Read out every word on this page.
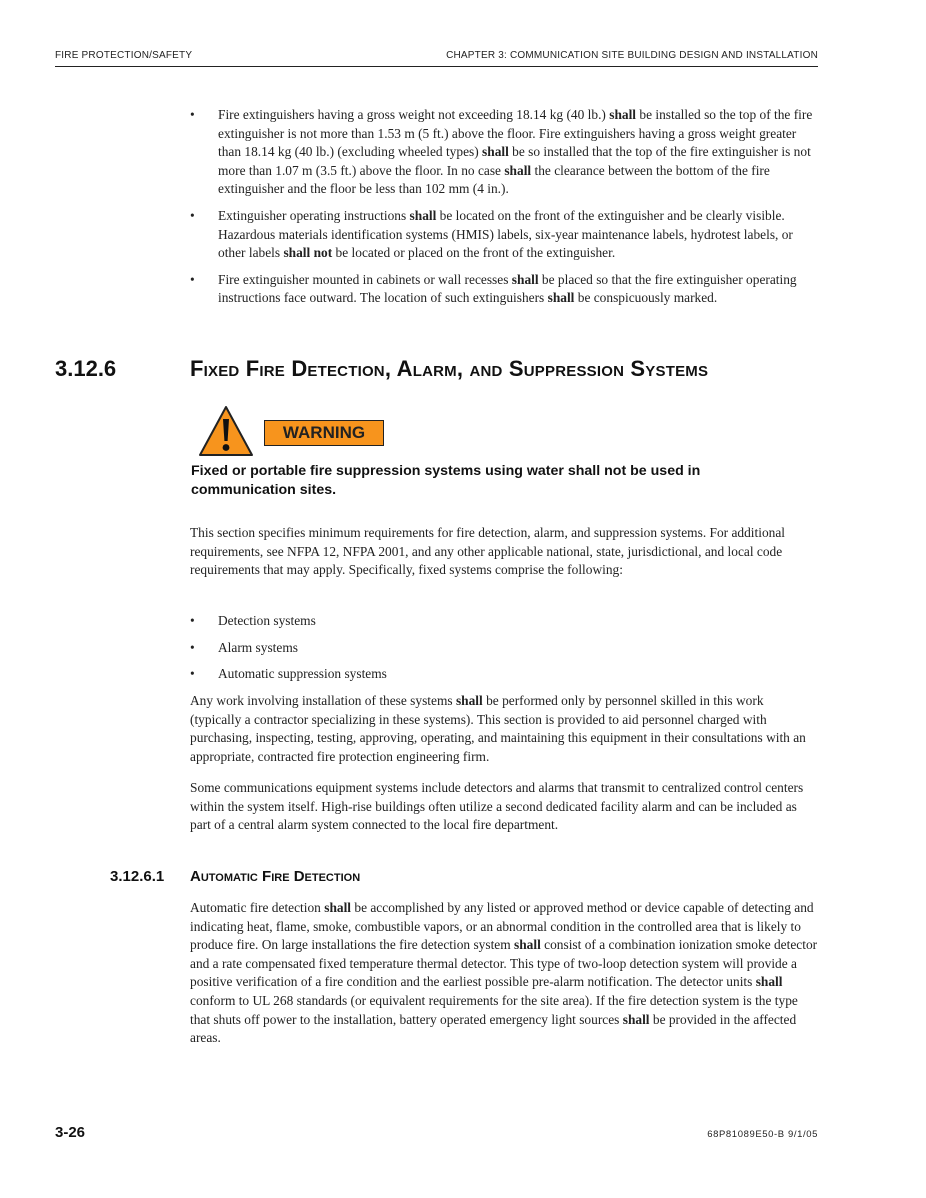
FIRE PROTECTION/SAFETY	CHAPTER 3: COMMUNICATION SITE BUILDING DESIGN AND INSTALLATION
• Fire extinguishers having a gross weight not exceeding 18.14 kg (40 lb.) shall be installed so the top of the fire extinguisher is not more than 1.53 m (5 ft.) above the floor. Fire extinguishers having a gross weight greater than 18.14 kg (40 lb.) (excluding wheeled types) shall be so installed that the top of the fire extinguisher is not more than 1.07 m (3.5 ft.) above the floor. In no case shall the clearance between the bottom of the fire extinguisher and the floor be less than 102 mm (4 in.).
• Extinguisher operating instructions shall be located on the front of the extinguisher and be clearly visible. Hazardous materials identification systems (HMIS) labels, six-year maintenance labels, hydrotest labels, or other labels shall not be located or placed on the front of the extinguisher.
• Fire extinguisher mounted in cabinets or wall recesses shall be placed so that the fire extinguisher operating instructions face outward. The location of such extinguishers shall be conspicuously marked.
3.12.6	Fixed Fire Detection, Alarm, and Suppression Systems
WARNING
Fixed or portable fire suppression systems using water shall not be used in communication sites.

This section specifies minimum requirements for fire detection, alarm, and suppression systems. For additional requirements, see NFPA 12, NFPA 2001, and any other applicable national, state, jurisdictional, and local code requirements that may apply. Specifically, fixed systems comprise the following:

• Detection systems
• Alarm systems
• Automatic suppression systems

Any work involving installation of these systems shall be performed only by personnel skilled in this work (typically a contractor specializing in these systems). This section is provided to aid personnel charged with purchasing, inspecting, testing, approving, operating, and maintaining this equipment in their consultations with an appropriate, contracted fire protection engineering firm.

Some communications equipment systems include detectors and alarms that transmit to centralized control centers within the system itself. High-rise buildings often utilize a second dedicated facility alarm and can be included as part of a central alarm system connected to the local fire department.

3.12.6.1 Automatic Fire Detection

Automatic fire detection shall be accomplished by any listed or approved method or device capable of detecting and indicating heat, flame, smoke, combustible vapors, or an abnormal condition in the controlled area that is likely to produce fire. On large installations the fire detection system shall consist of a combination ionization smoke detector and a rate compensated fixed temperature thermal detector. This type of two-loop detection system will provide a positive verification of a fire condition and the earliest possible pre-alarm notification. The detector units shall conform to UL 268 standards (or equivalent requirements for the site area). If the fire detection system is the type that shuts off power to the installation, battery operated emergency light sources shall be provided in the affected areas.

3-26	68P81089E50-B 9/1/05
